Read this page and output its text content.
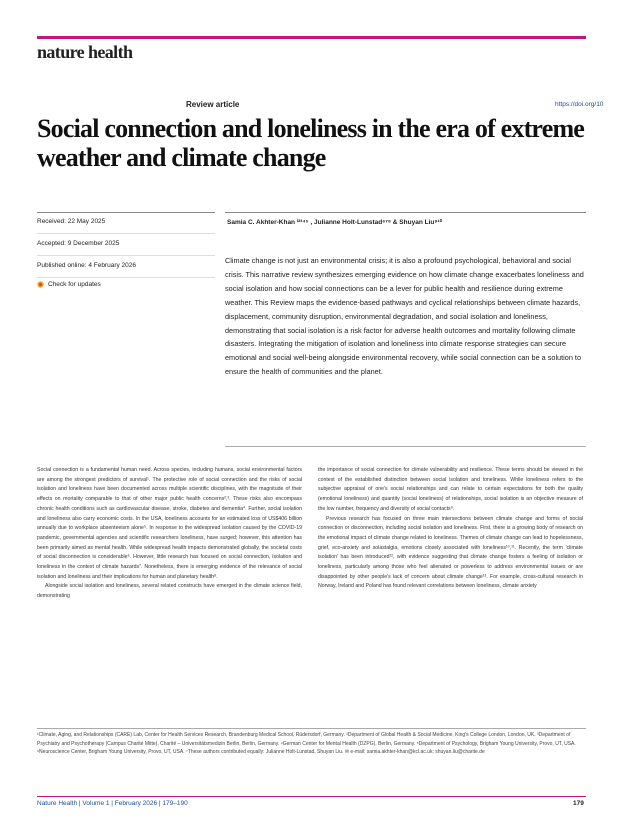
nature health
Review article	https://doi.org/10
Social connection and loneliness in the era of extreme weather and climate change
Received: 22 May 2025
Accepted: 9 December 2025
Published online: 4 February 2026
Check for updates
Samia C. Akhter-Khan ⁱ²³⁴⁵ , Julianne Holt-Lunstad⁶⁷⁸ & Shuyan Liu⁹¹⁰

Climate change is not just an environmental crisis; it is also a profound psychological, behavioral and social crisis. This narrative review synthesizes emerging evidence on how climate change exacerbates loneliness and social isolation and how social connections can be a lever for public health and resilience during extreme weather. This Review maps the evidence-based pathways and cyclical relationships between climate hazards, displacement, community disruption, environmental degradation, and social isolation and loneliness, demonstrating that social isolation is a risk factor for adverse health outcomes and mortality following climate disasters. Integrating the mitigation of isolation and loneliness into climate response strategies can secure emotional and social well-being alongside environmental recovery, while social connection can be a solution to ensure the health of communities and the planet.

Social connection is a fundamental human need. Across species, including humans, social environmental factors are among the strongest predictors of survival¹. The protective role of social connection and the risks of social isolation and loneliness have been documented across multiple scientific disciplines, with the magnitude of their effects on mortality comparable to that of other major public health concerns²,³. These risks also encompass chronic health conditions such as cardiovascular disease, stroke, diabetes and dementia⁴. Further, social isolation and loneliness also carry economic costs. In the USA, loneliness accounts for an estimated loss of US$406 billion annually due to workplace absenteeism alone⁵. In response to the widespread isolation caused by the COVID-19 pandemic, governmental agencies and scientific researchers loneliness, have surged; however, this attention has been primarily aimed as mental health. While widespread health impacts demonstrated globally, the societal costs of social disconnection is considerable⁶. However, little research has focused on social connection, isolation and loneliness in the context of climate hazards⁷. Nonetheless, there is emerging evidence of the relevance of social isolation and loneliness and their implications for human and planetary health⁸.

Alongside social isolation and loneliness, several related constructs have emerged in the climate science field, demonstrating

the importance of social connection for climate vulnerability and resilience. These terms should be viewed in the context of the established distinction between social isolation and loneliness. While loneliness refers to the subjective appraisal of one's social relationships and can relate to certain expectations for both the quality (emotional loneliness) and quantity (social loneliness) of relationships, social isolation is an objective measure of the low number, frequency and diversity of social contacts⁹.

Previous research has focused on three main intersections between climate change and forms of social connection or disconnection, including social isolation and loneliness. First, there is a growing body of research on the emotional impact of climate change related to loneliness. Themes of climate change can lead to hopelessness, grief, eco-anxiety and solastalgia, emotions closely associated with loneliness¹⁰,¹¹. Recently, the term 'climate isolation' has been introduced¹², with evidence suggesting that climate change fosters a feeling of isolation or loneliness, particularly among those who feel alienated or powerless to address environmental issues or are disappointed by other people's lack of concern about climate change¹³. For example, cross-cultural research in Norway, Ireland and Poland has found relevant correlations between loneliness, climate anxiety

¹Climate, Aging, and Relationships (CARE) Lab, Center for Health Services Research, Brandenburg Medical School, Rüdersdorf, Germany. ²Department of Global Health & Social Medicine, King's College London, London, UK. ³Department of Psychiatry and Psychotherapy (Campus Charité Mitte), Charité – Universitätsmedizin Berlin, Berlin, Germany. ⁴German Center for Mental Health (DZPG), Berlin, Germany. ⁵Department of Psychology, Brigham Young University, Provo, UT, USA. ⁶Neuroscience Center, Brigham Young University, Provo, UT, USA. ⁷These authors contributed equally: Julianne Holt-Lunstad, Shuyan Liu. ✉ e-mail: samia.akhter-khan@kcl.ac.uk; shuyan.liu@charite.de

Nature Health | Volume 1 | February 2026 | 179–190	179
